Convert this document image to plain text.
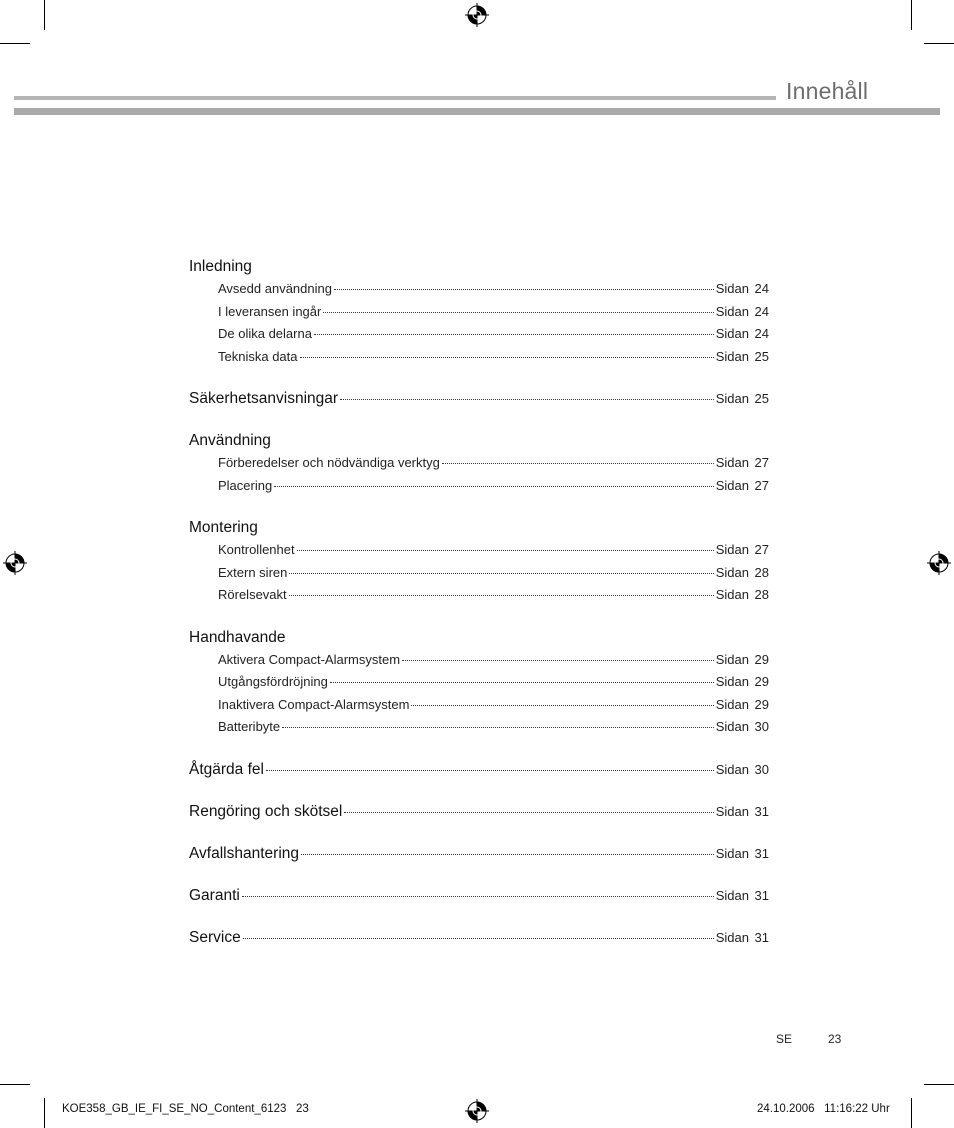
Innehåll
Inledning
Avsedd användning	Sidan 24
I leveransen ingår	Sidan 24
De olika delarna	Sidan 24
Tekniska data	Sidan 25
Säkerhetsanvisningar	Sidan 25
Användning
Förberedelser och nödvändiga verktyg	Sidan 27
Placering	Sidan 27
Montering
Kontrollenhet	Sidan 27
Extern siren	Sidan 28
Rörelsevakt	Sidan 28
Handhavande
Aktivera Compact-Alarmsystem	Sidan 29
Utgångsfördröjning	Sidan 29
Inaktivera Compact-Alarmsystem	Sidan 29
Batteribyte	Sidan 30
Åtgärda fel	Sidan 30
Rengöring och skötsel	Sidan 31
Avfallshantering	Sidan 31
Garanti	Sidan 31
Service	Sidan 31
SE	23
KOE358_GB_IE_FI_SE_NO_Content_6123   23	24.10.2006   11:16:22 Uhr
